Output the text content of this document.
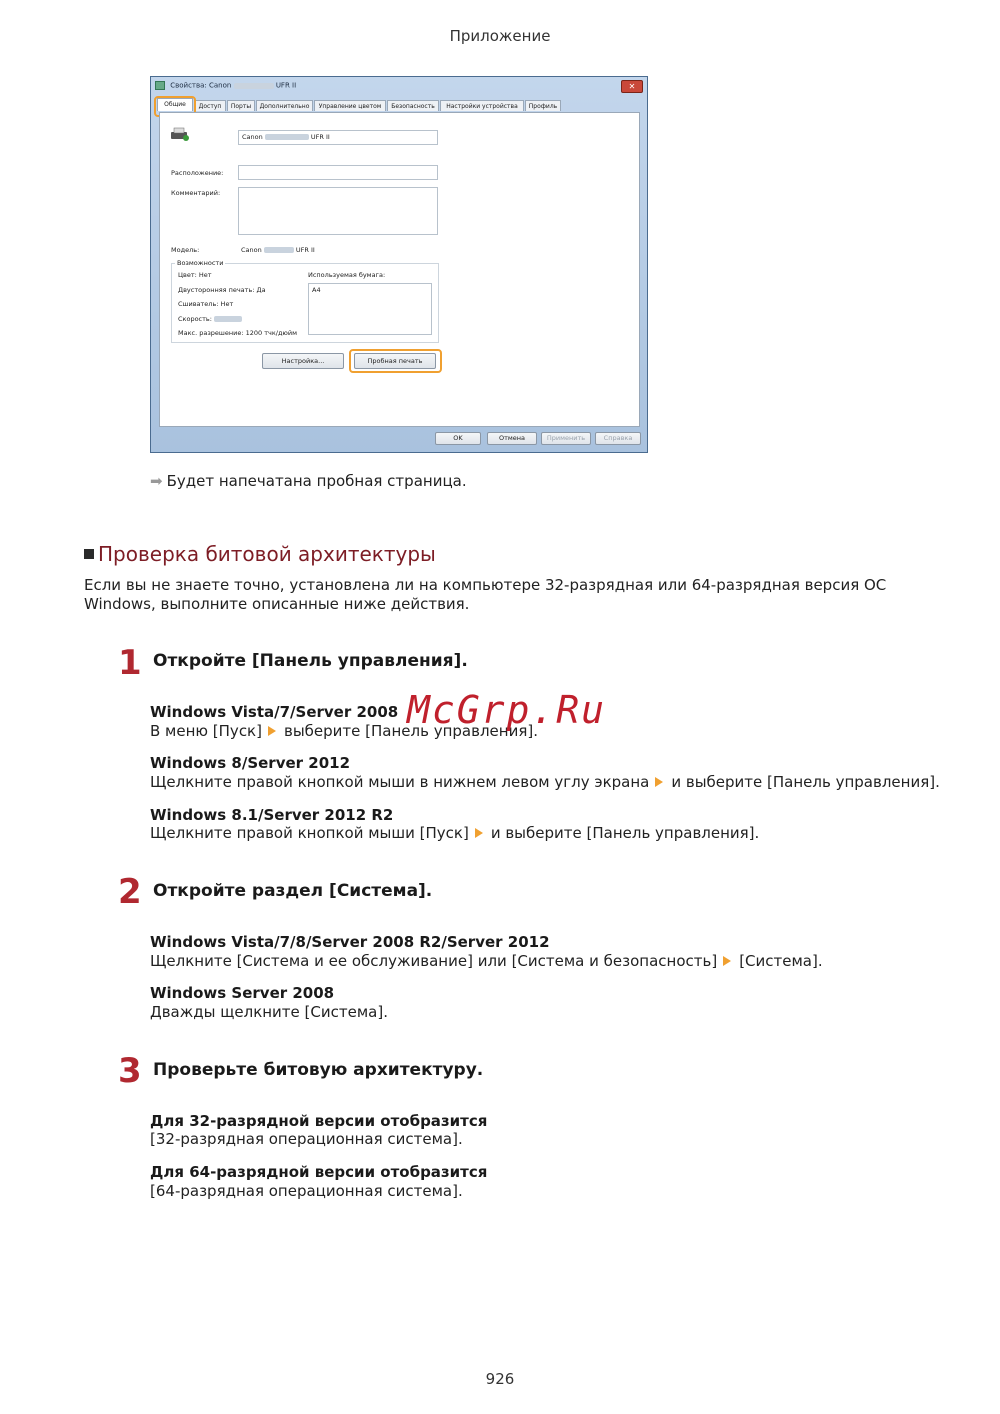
Приложение
Свойства: Canon	UFR II	✕
Общие	Доступ	Порты	Дополнительно	Управление цветом	Безопасность	Настройки устройства	Профиль
Canon	UFR II
Расположение:
Комментарий:
Модель:	Canon	UFR II
Возможности
Цвет: Нет
Двусторонняя печать: Да
Сшиватель: Нет
Скорость:
Макс. разрешение: 1200 тчк/дюйм
Используемая бумага:
A4
Настройка...	Пробная печать
OK	Отмена	Применить	Справка
➡ Будет напечатана пробная страница.
Проверка битовой архитектуры
Если вы не знаете точно, установлена ли на компьютере 32-разрядная или 64-разрядная версия ОС Windows, выполните описанные ниже действия.
1 Откройте [Панель управления].
Windows Vista/7/Server 2008
В меню [Пуск] выберите [Панель управления].
McGrp.Ru
Windows 8/Server 2012
Щелкните правой кнопкой мыши в нижнем левом углу экрана и выберите [Панель управления].
Windows 8.1/Server 2012 R2
Щелкните правой кнопкой мыши [Пуск] и выберите [Панель управления].
2 Откройте раздел [Система].
Windows Vista/7/8/Server 2008 R2/Server 2012
Щелкните [Система и ее обслуживание] или [Система и безопасность] [Система].
Windows Server 2008
Дважды щелкните [Система].
3 Проверьте битовую архитектуру.
Для 32-разрядной версии отобразится
[32-разрядная операционная система].
Для 64-разрядной версии отобразится
[64-разрядная операционная система].
926
